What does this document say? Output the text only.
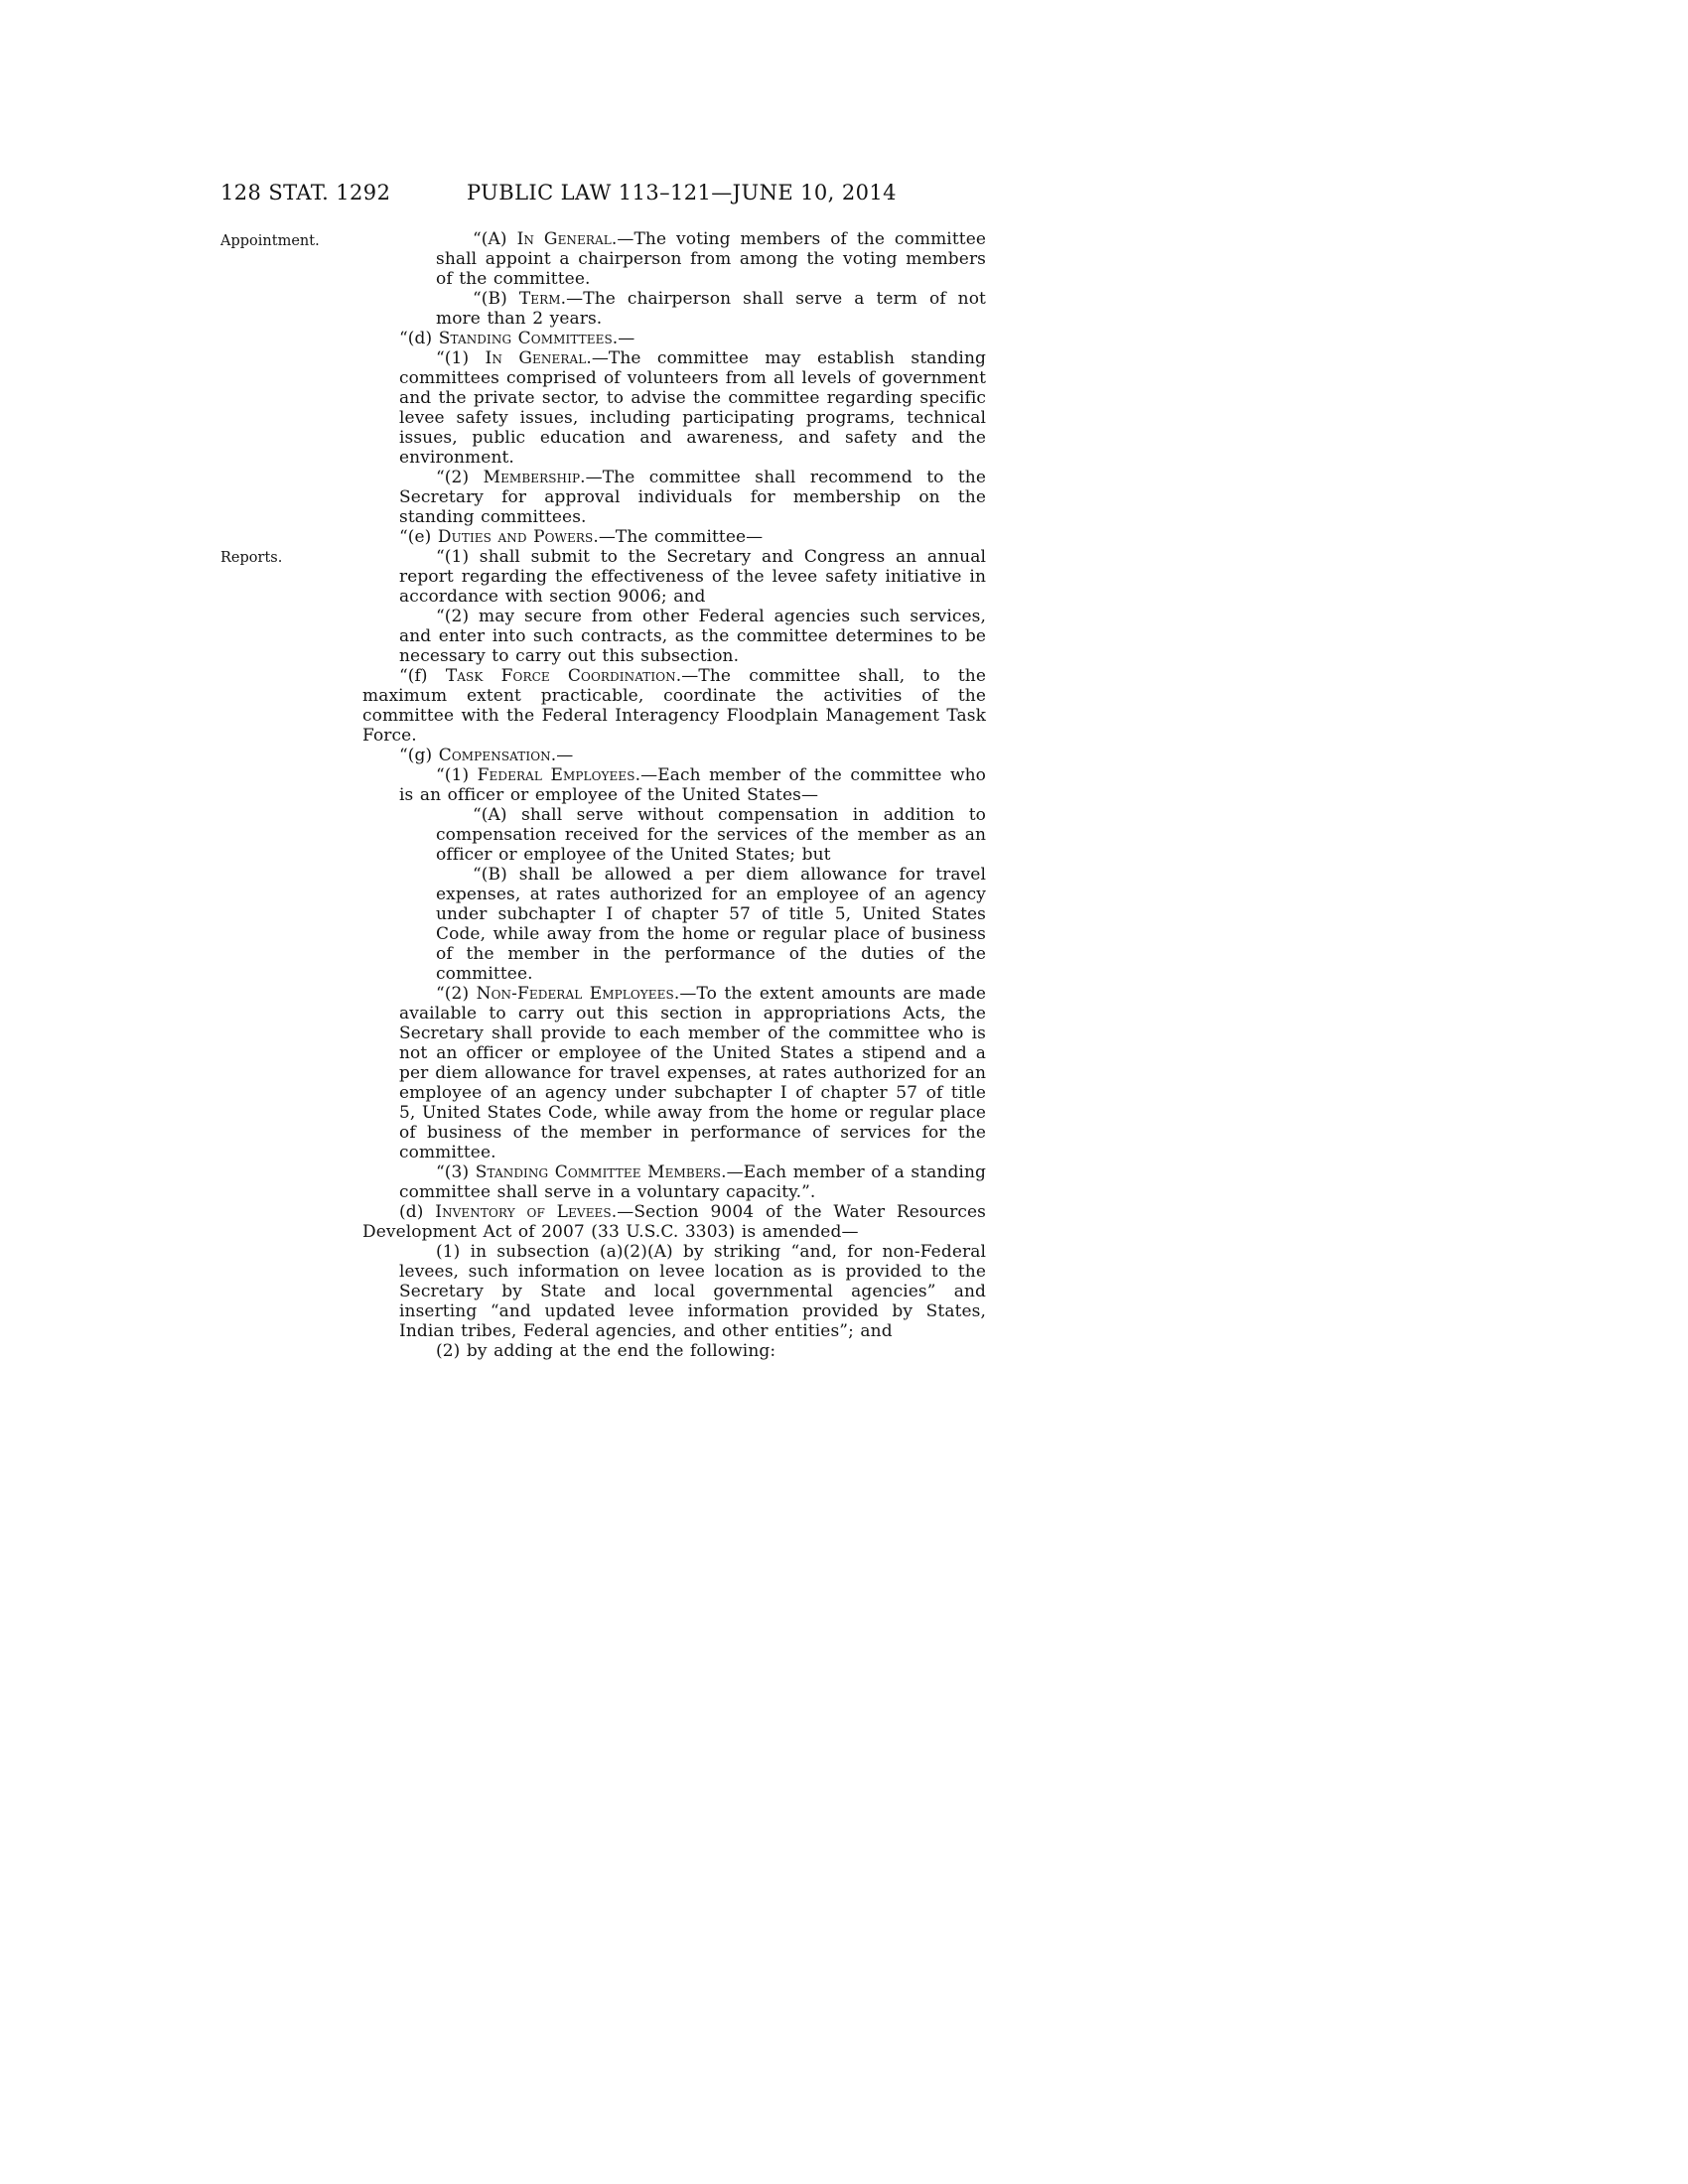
128 STAT. 1292	PUBLIC LAW 113–121—JUNE 10, 2014
Appointment.
Reports.

“(A) In General.—The voting members of the committee shall appoint a chairperson from among the voting members of the committee.

“(B) Term.—The chairperson shall serve a term of not more than 2 years.

“(d) Standing Committees.—

“(1) In General.—The committee may establish standing committees comprised of volunteers from all levels of government and the private sector, to advise the committee regarding specific levee safety issues, including participating programs, technical issues, public education and awareness, and safety and the environment.

“(2) Membership.—The committee shall recommend to the Secretary for approval individuals for membership on the standing committees.

“(e) Duties and Powers.—The committee—

“(1) shall submit to the Secretary and Congress an annual report regarding the effectiveness of the levee safety initiative in accordance with section 9006; and

“(2) may secure from other Federal agencies such services, and enter into such contracts, as the committee determines to be necessary to carry out this subsection.

“(f) Task Force Coordination.—The committee shall, to the maximum extent practicable, coordinate the activities of the committee with the Federal Interagency Floodplain Management Task Force.

“(g) Compensation.—

“(1) Federal Employees.—Each member of the committee who is an officer or employee of the United States—

“(A) shall serve without compensation in addition to compensation received for the services of the member as an officer or employee of the United States; but

“(B) shall be allowed a per diem allowance for travel expenses, at rates authorized for an employee of an agency under subchapter I of chapter 57 of title 5, United States Code, while away from the home or regular place of business of the member in the performance of the duties of the committee.

“(2) Non-Federal Employees.—To the extent amounts are made available to carry out this section in appropriations Acts, the Secretary shall provide to each member of the committee who is not an officer or employee of the United States a stipend and a per diem allowance for travel expenses, at rates authorized for an employee of an agency under subchapter I of chapter 57 of title 5, United States Code, while away from the home or regular place of business of the member in performance of services for the committee.

“(3) Standing Committee Members.—Each member of a standing committee shall serve in a voluntary capacity.”.

(d) Inventory of Levees.—Section 9004 of the Water Resources Development Act of 2007 (33 U.S.C. 3303) is amended—

(1) in subsection (a)(2)(A) by striking “and, for non-Federal levees, such information on levee location as is provided to the Secretary by State and local governmental agencies” and inserting “and updated levee information provided by States, Indian tribes, Federal agencies, and other entities”; and

(2) by adding at the end the following:
